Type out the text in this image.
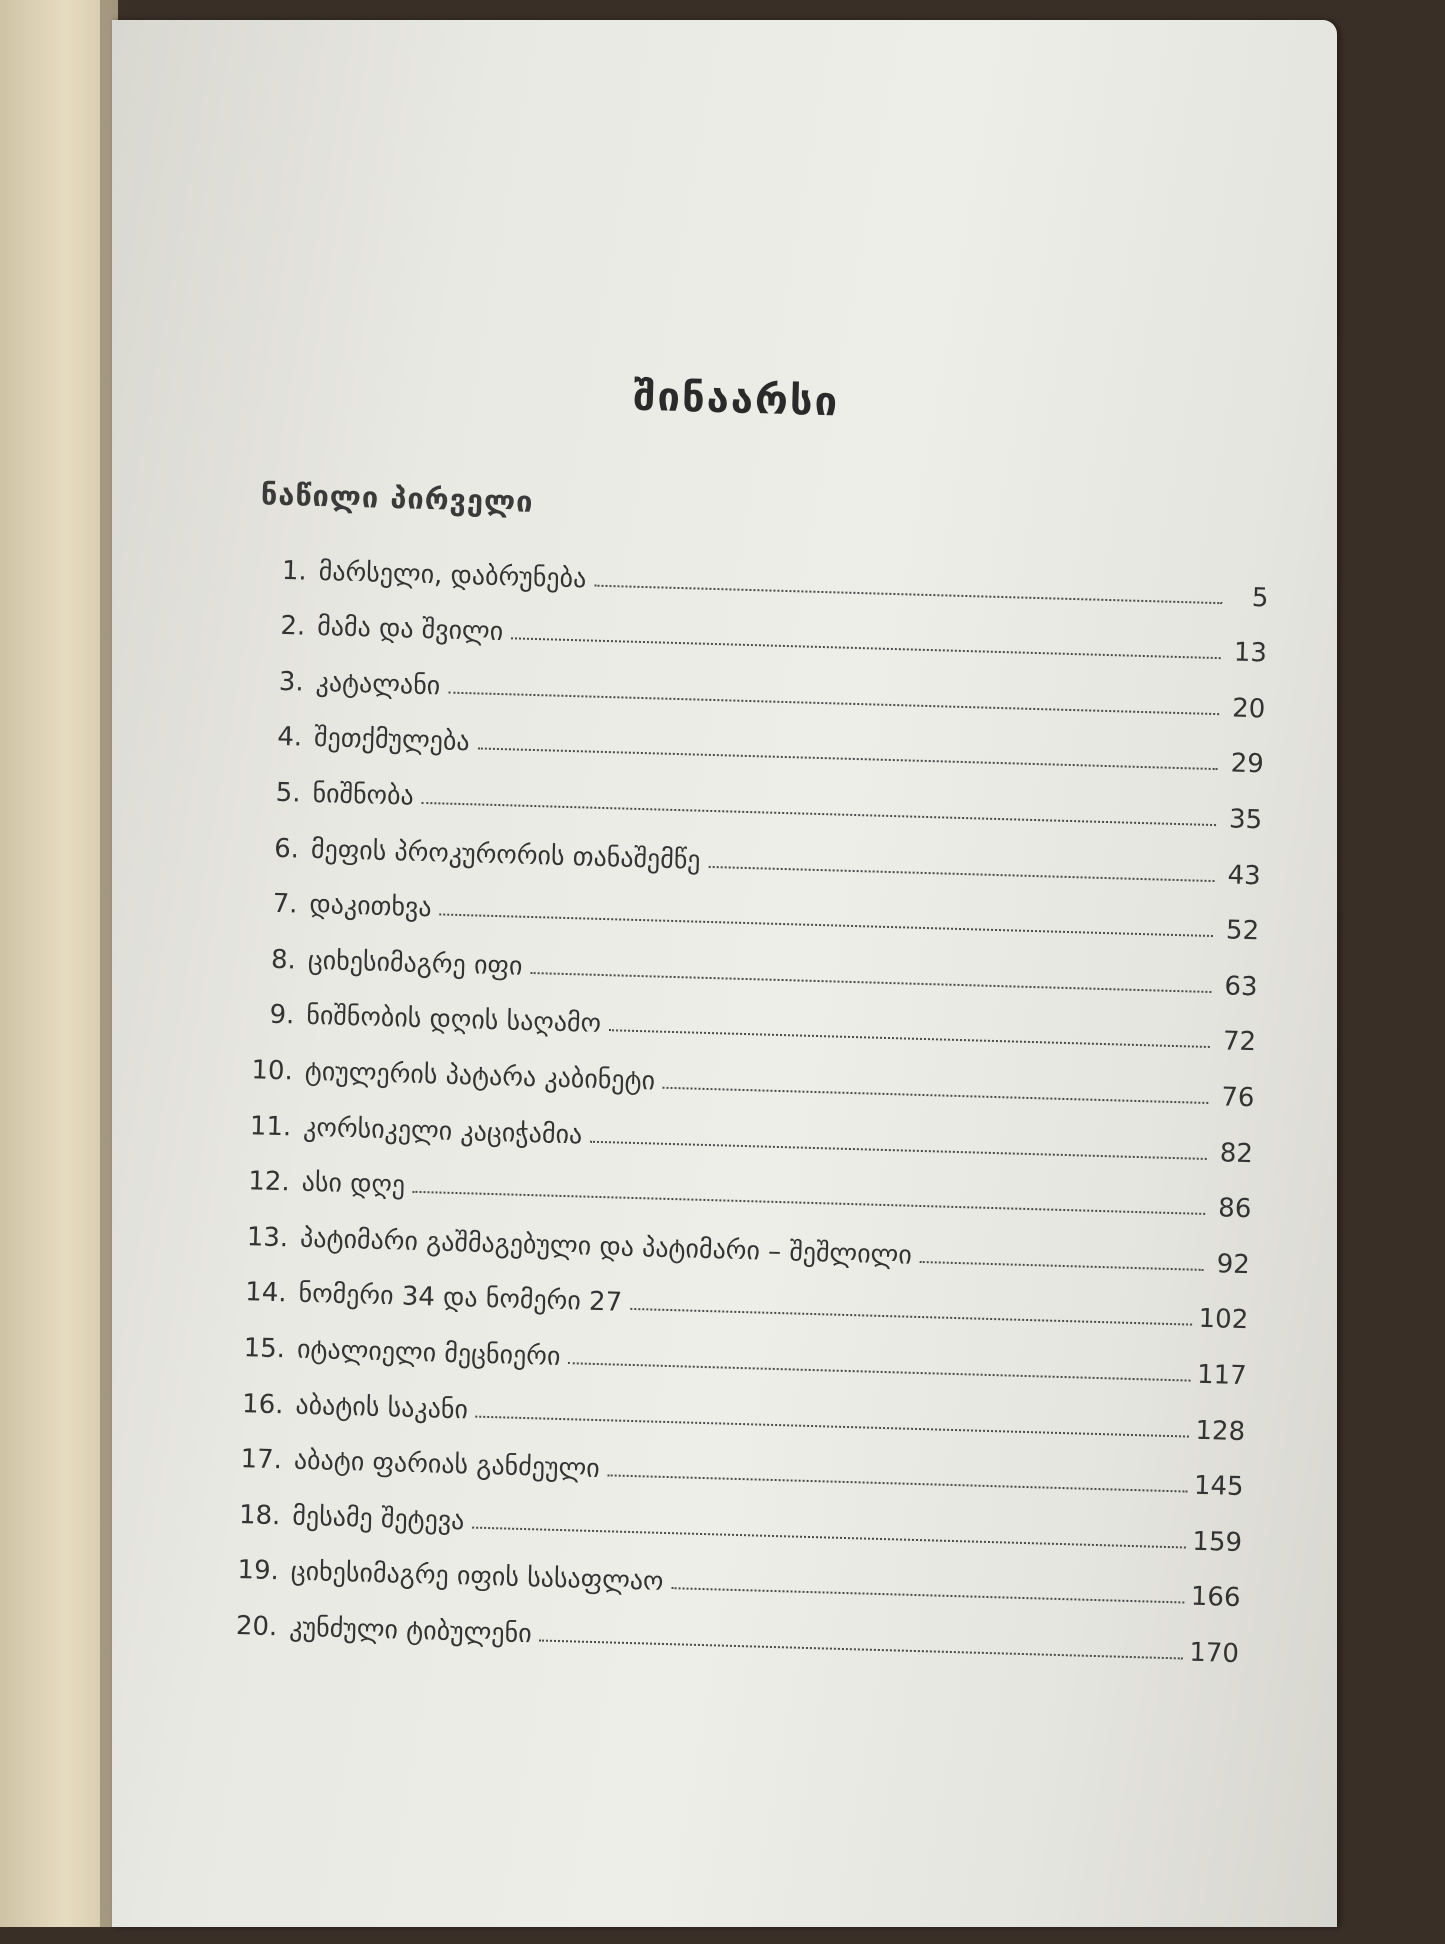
შინაარსი
ნაწილი პირველი
1. მარსელი, დაბრუნება
5
2. მამა და შვილი
13
3. კატალანი
20
4. შეთქმულება
29
5. ნიშნობა
35
6. მეფის პროკურორის თანაშემწე
43
7. დაკითხვა
52
8. ციხესიმაგრე იფი
63
9. ნიშნობის დღის საღამო
72
10. ტიულერის პატარა კაბინეტი
76
11. კორსიკელი კაციჭამია
82
12. ასი დღე
86
13. პატიმარი გაშმაგებული და პატიმარი – შეშლილი	92
14. ნომერი 34 და ნომერი 27
102
15. იტალიელი მეცნიერი
117
16. აბატის საკანი
128
17. აბატი ფარიას განძეული
145
18. მესამე შეტევა
159
19. ციხესიმაგრე იფის სასაფლაო
166
20. კუნძული ტიბულენი
170
